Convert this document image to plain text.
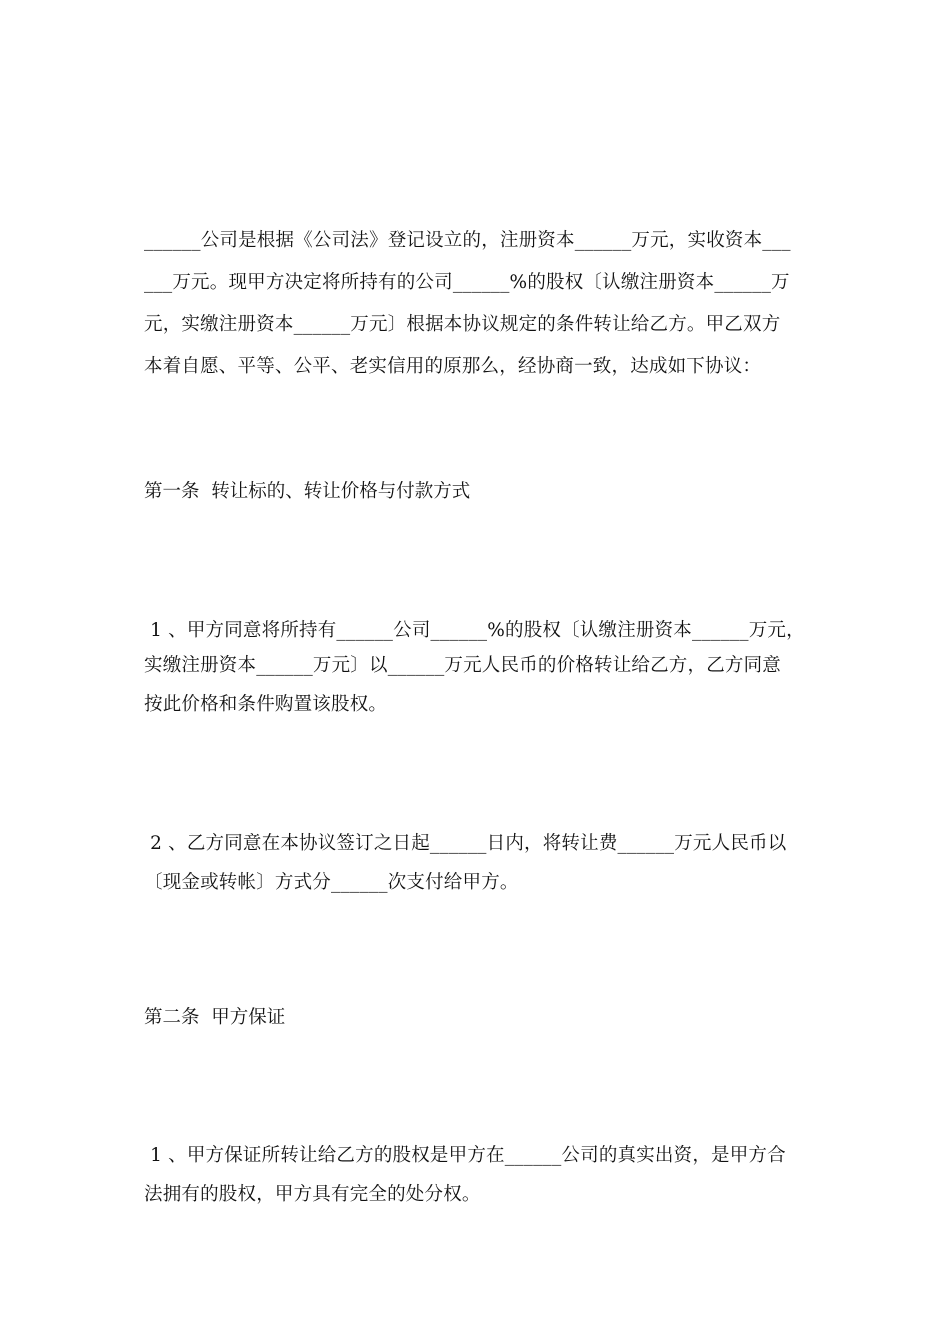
______公司是根据《公司法》登记设立的，注册资本______万元，实收资本___
___万元。现甲方决定将所持有的公司______%的股权〔认缴注册资本______万
元，实缴注册资本______万元〕根据本协议规定的条件转让给乙方。甲乙双方
本着自愿、平等、公平、老实信用的原那么，经协商一致，达成如下协议：
第一条  转让标的、转让价格与付款方式
1 、甲方同意将所持有______公司______%的股权〔认缴注册资本______万元，
实缴注册资本______万元〕以______万元人民币的价格转让给乙方，乙方同意
按此价格和条件购置该股权。
2 、乙方同意在本协议签订之日起______日内，将转让费______万元人民币以
〔现金或转帐〕方式分______次支付给甲方。
第二条  甲方保证
1 、甲方保证所转让给乙方的股权是甲方在______公司的真实出资，是甲方合
法拥有的股权，甲方具有完全的处分权。
